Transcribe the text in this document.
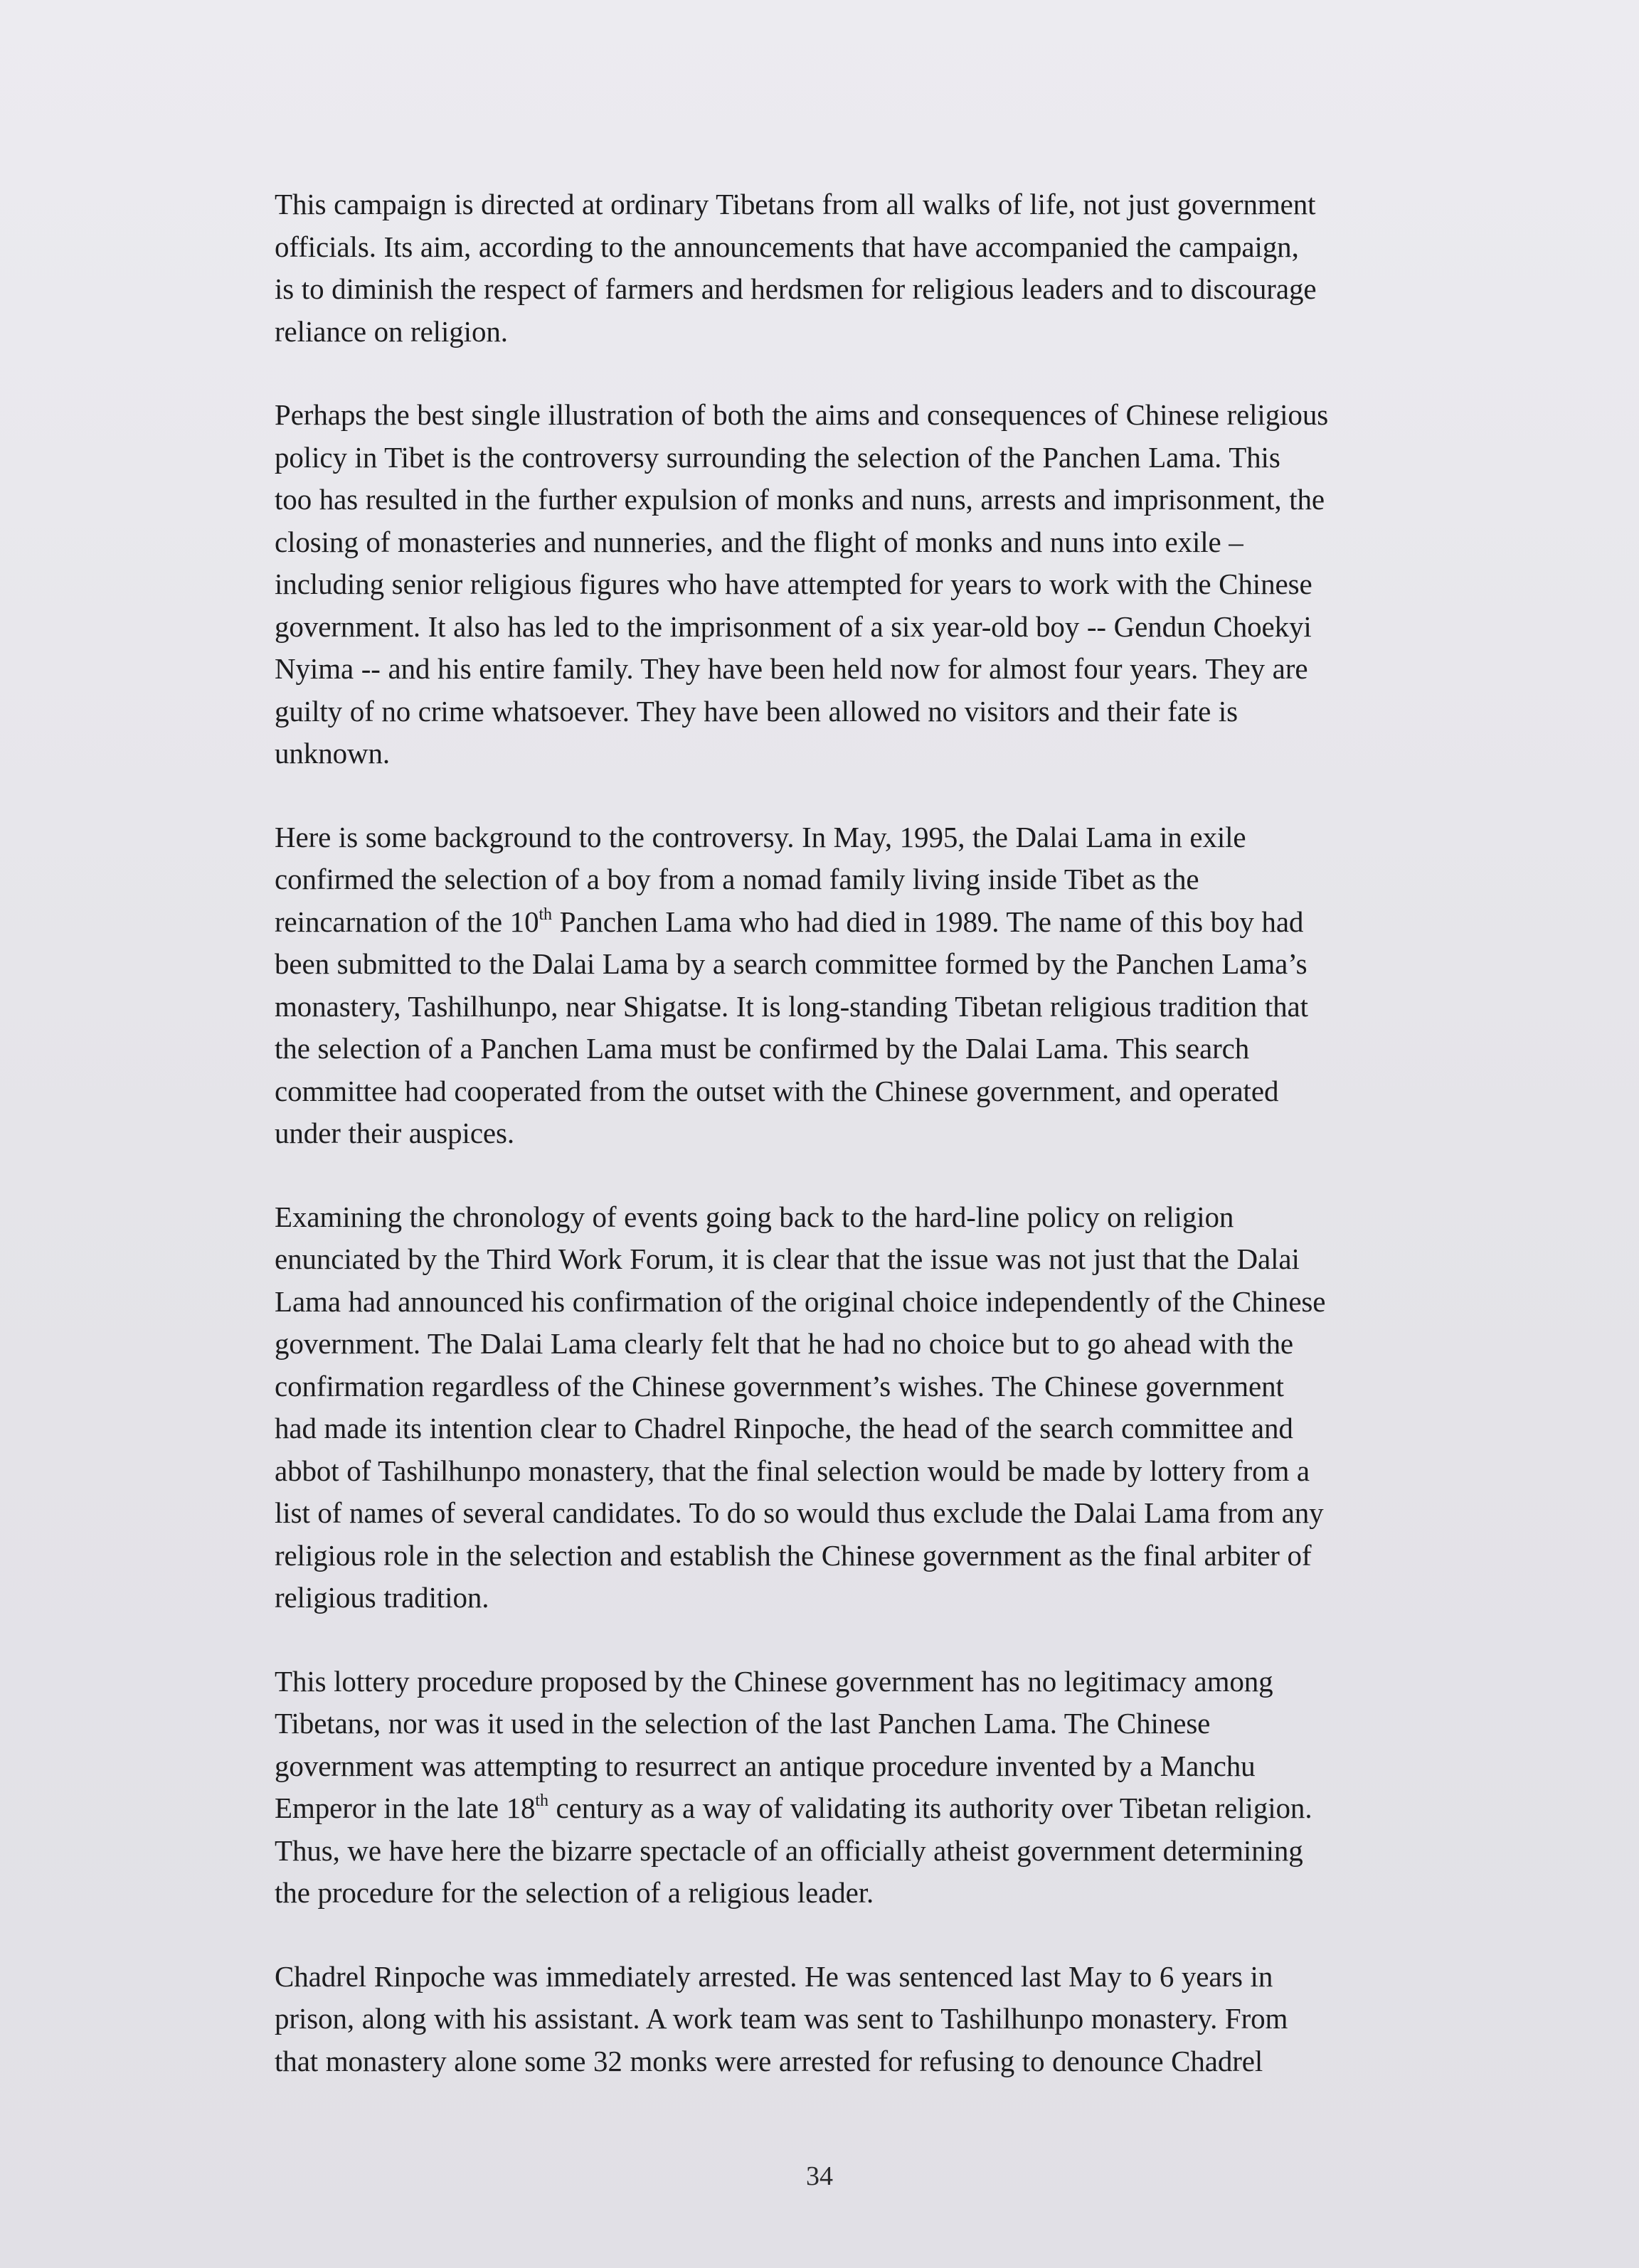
This campaign is directed at ordinary Tibetans from all walks of life, not just government
officials. Its aim, according to the announcements that have accompanied the campaign,
is to diminish the respect of farmers and herdsmen for religious leaders and to discourage
reliance on religion.

Perhaps the best single illustration of both the aims and consequences of Chinese religious
policy in Tibet is the controversy surrounding the selection of the Panchen Lama. This
too has resulted in the further expulsion of monks and nuns, arrests and imprisonment, the
closing of monasteries and nunneries, and the flight of monks and nuns into exile –
including senior religious figures who have attempted for years to work with the Chinese
government. It also has led to the imprisonment of a six year-old boy -- Gendun Choekyi
Nyima -- and his entire family. They have been held now for almost four years. They are
guilty of no crime whatsoever. They have been allowed no visitors and their fate is
unknown.

Here is some background to the controversy. In May, 1995, the Dalai Lama in exile
confirmed the selection of a boy from a nomad family living inside Tibet as the
reincarnation of the 10th Panchen Lama who had died in 1989. The name of this boy had
been submitted to the Dalai Lama by a search committee formed by the Panchen Lama’s
monastery, Tashilhunpo, near Shigatse. It is long-standing Tibetan religious tradition that
the selection of a Panchen Lama must be confirmed by the Dalai Lama. This search
committee had cooperated from the outset with the Chinese government, and operated
under their auspices.

Examining the chronology of events going back to the hard-line policy on religion
enunciated by the Third Work Forum, it is clear that the issue was not just that the Dalai
Lama had announced his confirmation of the original choice independently of the Chinese
government. The Dalai Lama clearly felt that he had no choice but to go ahead with the
confirmation regardless of the Chinese government’s wishes. The Chinese government
had made its intention clear to Chadrel Rinpoche, the head of the search committee and
abbot of Tashilhunpo monastery, that the final selection would be made by lottery from a
list of names of several candidates. To do so would thus exclude the Dalai Lama from any
religious role in the selection and establish the Chinese government as the final arbiter of
religious tradition.

This lottery procedure proposed by the Chinese government has no legitimacy among
Tibetans, nor was it used in the selection of the last Panchen Lama. The Chinese
government was attempting to resurrect an antique procedure invented by a Manchu
Emperor in the late 18th century as a way of validating its authority over Tibetan religion.
Thus, we have here the bizarre spectacle of an officially atheist government determining
the procedure for the selection of a religious leader.

Chadrel Rinpoche was immediately arrested. He was sentenced last May to 6 years in
prison, along with his assistant. A work team was sent to Tashilhunpo monastery. From
that monastery alone some 32 monks were arrested for refusing to denounce Chadrel

34
